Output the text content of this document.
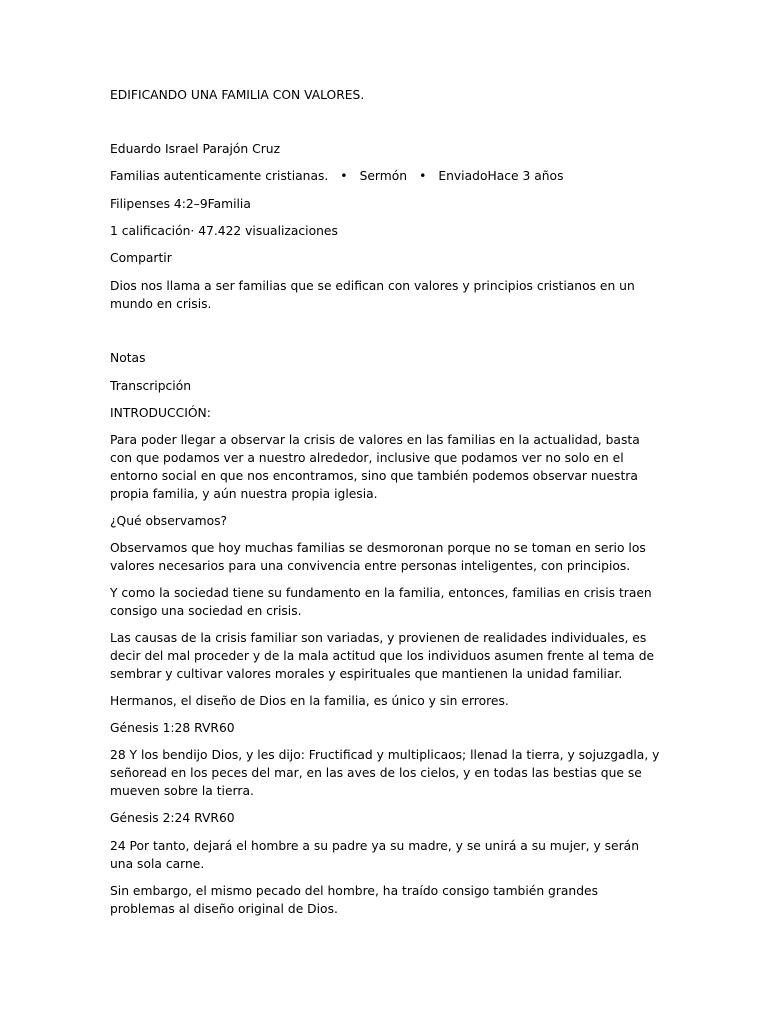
EDIFICANDO UNA FAMILIA CON VALORES.

Eduardo Israel Parajón Cruz

Familias autenticamente cristianas. • Sermón • EnviadoHace 3 años

Filipenses 4:2–9Familia

1 calificación· 47.422 visualizaciones

Compartir

Dios nos llama a ser familias que se edifican con valores y principios cristianos en un mundo en crisis.

Notas

Transcripción

INTRODUCCIÓN:

Para poder llegar a observar la crisis de valores en las familias en la actualidad, basta con que podamos ver a nuestro alrededor, inclusive que podamos ver no solo en el entorno social en que nos encontramos, sino que también podemos observar nuestra propia familia, y aún nuestra propia iglesia.

¿Qué observamos?

Observamos que hoy muchas familias se desmoronan porque no se toman en serio los valores necesarios para una convivencia entre personas inteligentes, con principios.

Y como la sociedad tiene su fundamento en la familia, entonces, familias en crisis traen consigo una sociedad en crisis.

Las causas de la crisis familiar son variadas, y provienen de realidades individuales, es decir del mal proceder y de la mala actitud que los individuos asumen frente al tema de sembrar y cultivar valores morales y espirituales que mantienen la unidad familiar.

Hermanos, el diseño de Dios en la familia, es único y sin errores.

Génesis 1:28 RVR60

28 Y los bendijo Dios, y les dijo: Fructificad y multiplicaos; llenad la tierra, y sojuzgadla, y señoread en los peces del mar, en las aves de los cielos, y en todas las bestias que se mueven sobre la tierra.

Génesis 2:24 RVR60

24 Por tanto, dejará el hombre a su padre ya su madre, y se unirá a su mujer, y serán una sola carne.

Sin embargo, el mismo pecado del hombre, ha traído consigo también grandes problemas al diseño original de Dios.
